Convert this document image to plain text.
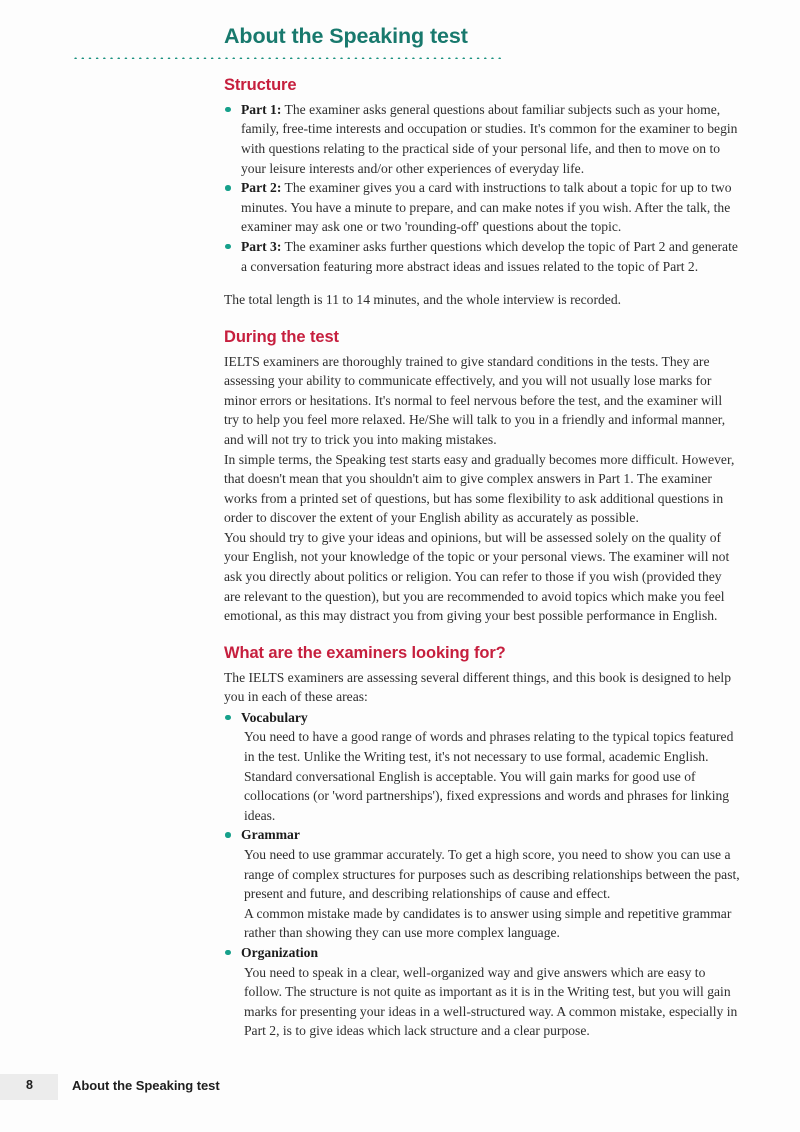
About the Speaking test
Structure
Part 1: The examiner asks general questions about familiar subjects such as your home, family, free-time interests and occupation or studies. It's common for the examiner to begin with questions relating to the practical side of your personal life, and then to move on to your leisure interests and/or other experiences of everyday life.
Part 2: The examiner gives you a card with instructions to talk about a topic for up to two minutes. You have a minute to prepare, and can make notes if you wish. After the talk, the examiner may ask one or two 'rounding-off' questions about the topic.
Part 3: The examiner asks further questions which develop the topic of Part 2 and generate a conversation featuring more abstract ideas and issues related to the topic of Part 2.

The total length is 11 to 14 minutes, and the whole interview is recorded.

During the test

IELTS examiners are thoroughly trained to give standard conditions in the tests. They are assessing your ability to communicate effectively, and you will not usually lose marks for minor errors or hesitations. It's normal to feel nervous before the test, and the examiner will try to help you feel more relaxed. He/She will talk to you in a friendly and informal manner, and will not try to trick you into making mistakes.

In simple terms, the Speaking test starts easy and gradually becomes more difficult. However, that doesn't mean that you shouldn't aim to give complex answers in Part 1. The examiner works from a printed set of questions, but has some flexibility to ask additional questions in order to discover the extent of your English ability as accurately as possible.

You should try to give your ideas and opinions, but will be assessed solely on the quality of your English, not your knowledge of the topic or your personal views. The examiner will not ask you directly about politics or religion. You can refer to those if you wish (provided they are relevant to the question), but you are recommended to avoid topics which make you feel emotional, as this may distract you from giving your best possible performance in English.

What are the examiners looking for?

The IELTS examiners are assessing several different things, and this book is designed to help you in each of these areas:

Vocabulary
You need to have a good range of words and phrases relating to the typical topics featured in the test. Unlike the Writing test, it's not necessary to use formal, academic English. Standard conversational English is acceptable. You will gain marks for good use of collocations (or 'word partnerships'), fixed expressions and words and phrases for linking ideas.
Grammar
You need to use grammar accurately. To get a high score, you need to show you can use a range of complex structures for purposes such as describing relationships between the past, present and future, and describing relationships of cause and effect.
A common mistake made by candidates is to answer using simple and repetitive grammar rather than showing they can use more complex language.
Organization
You need to speak in a clear, well-organized way and give answers which are easy to follow. The structure is not quite as important as it is in the Writing test, but you will gain marks for presenting your ideas in a well-structured way. A common mistake, especially in Part 2, is to give ideas which lack structure and a clear purpose.
8	About the Speaking test
